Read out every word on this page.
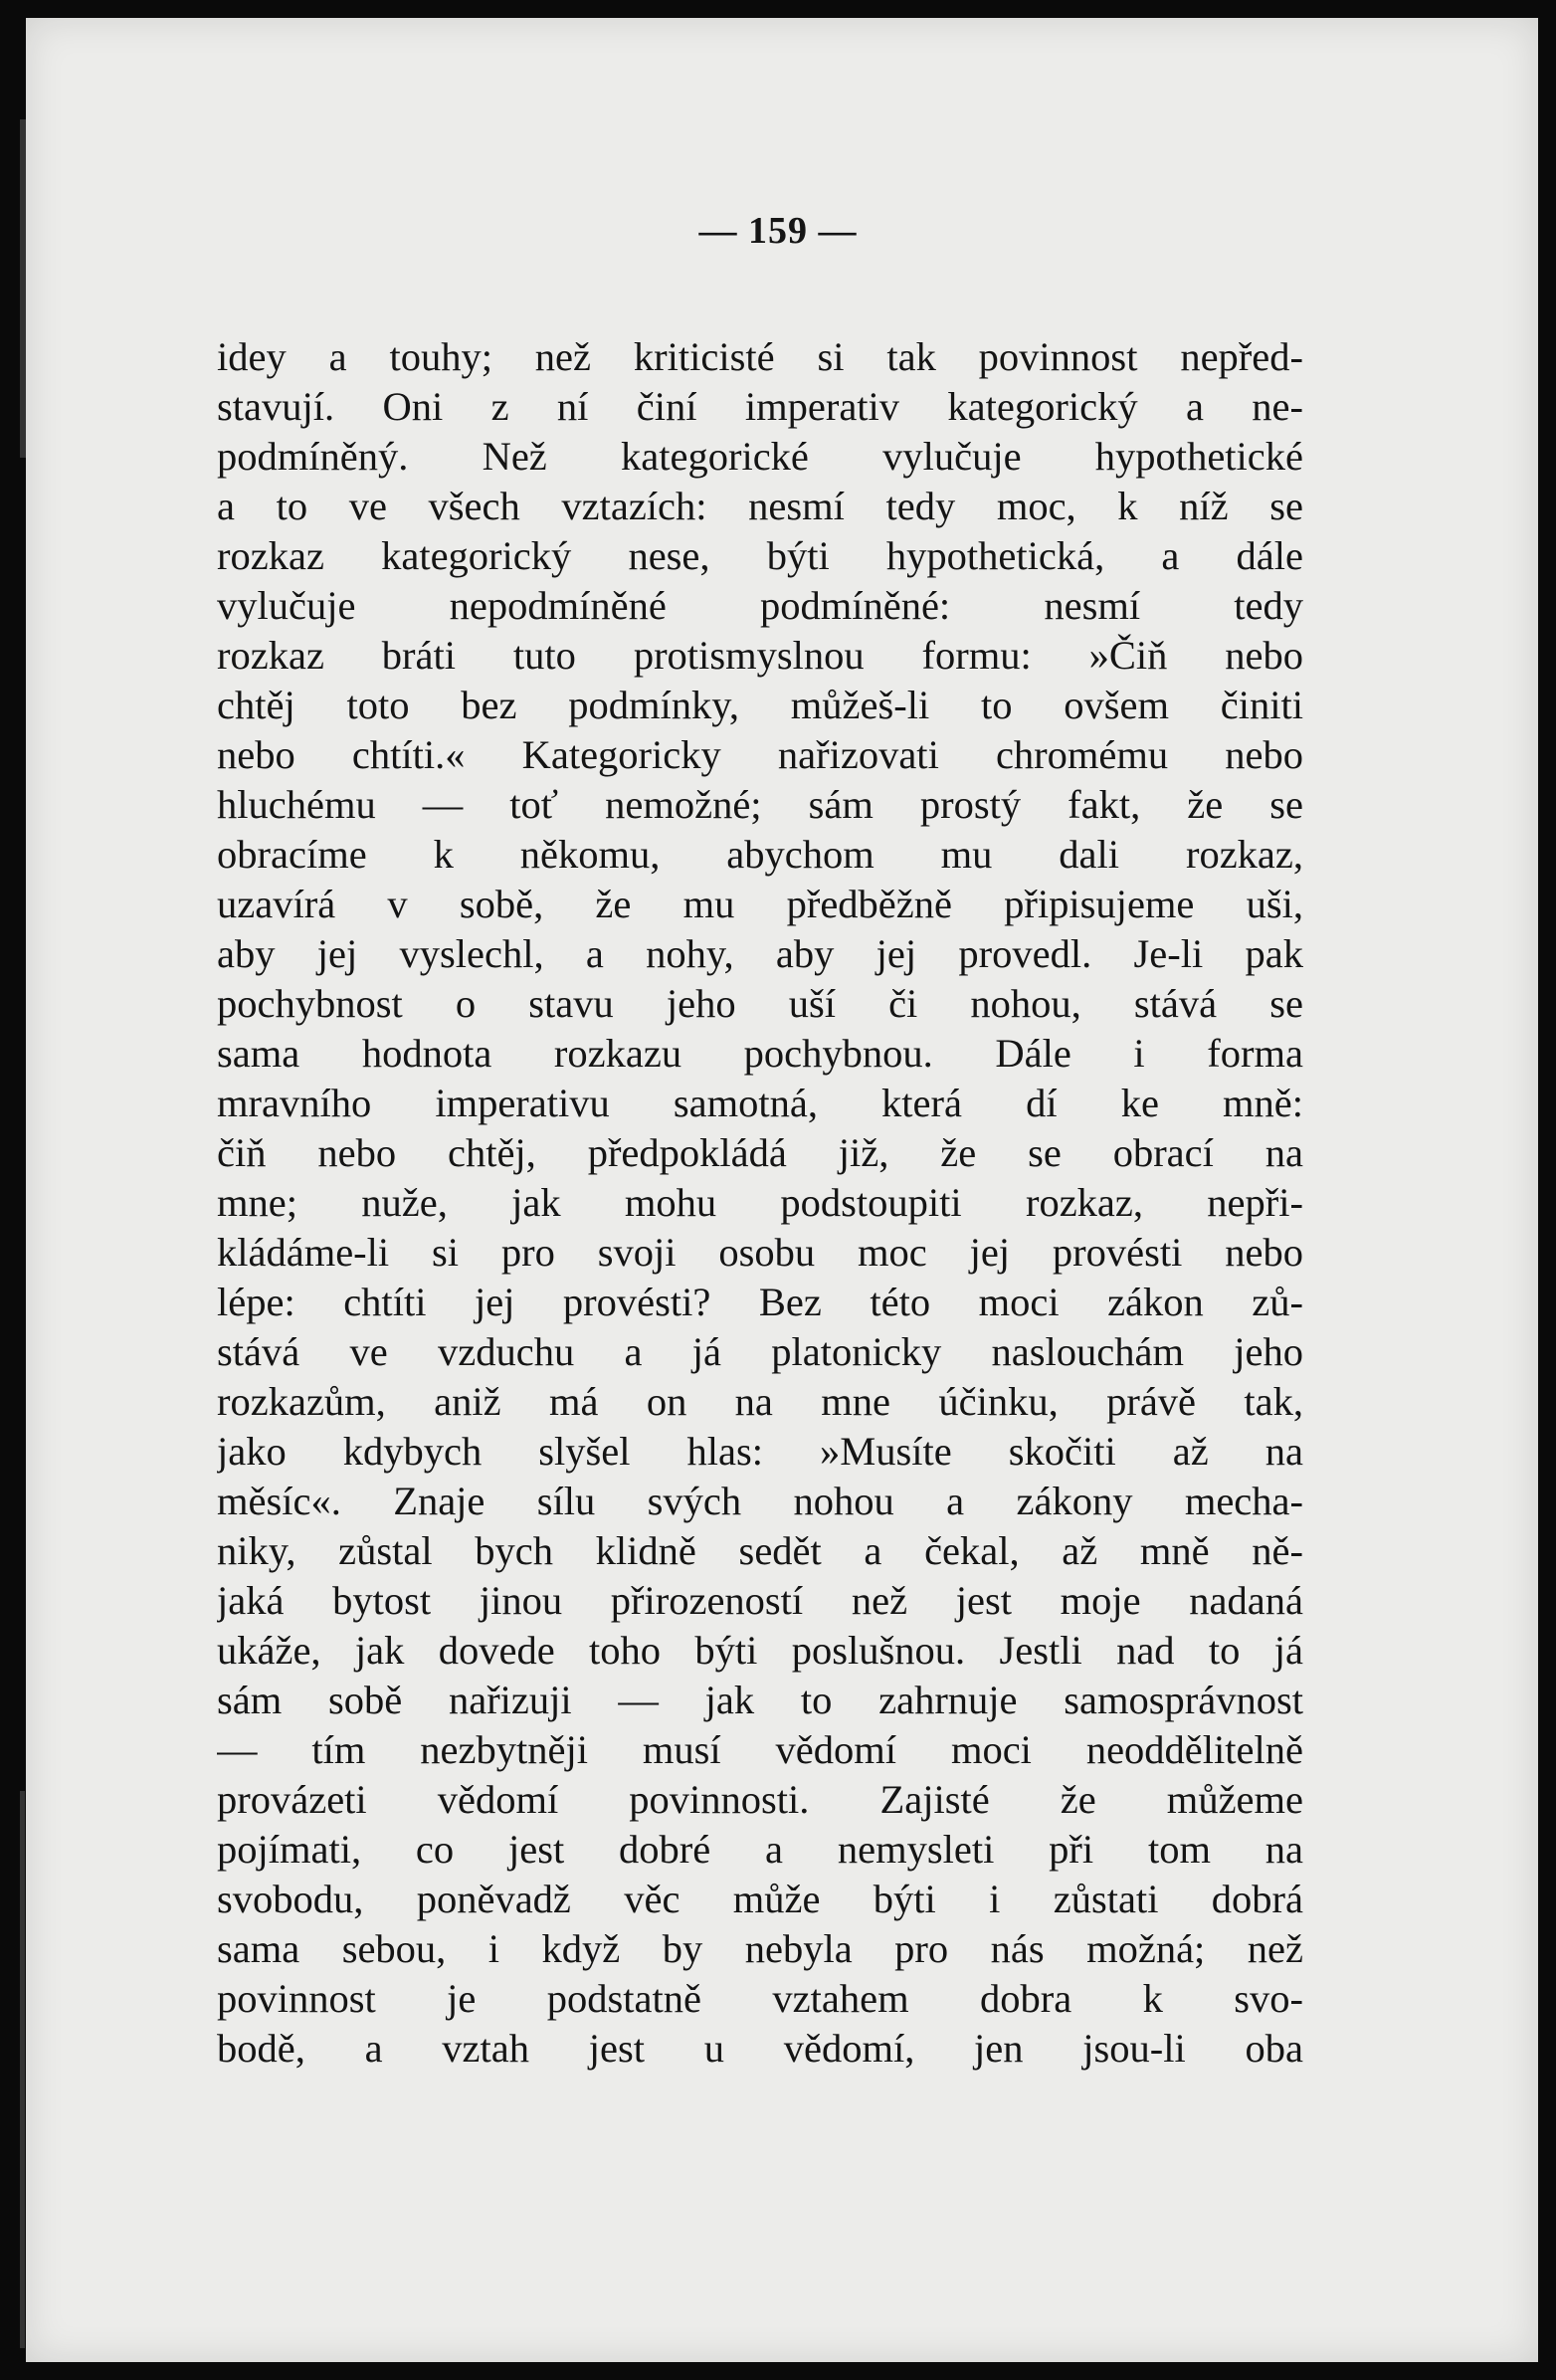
— 159 —
idey a touhy; než kriticisté si tak povinnost nepřed-
stavují. Oni z ní činí imperativ kategorický a ne-
podmíněný. Než kategorické vylučuje hypothetické
a to ve všech vztazích: nesmí tedy moc, k níž se
rozkaz kategorický nese, býti hypothetická, a dále
vylučuje nepodmíněné podmíněné: nesmí tedy
rozkaz bráti tuto protismyslnou formu: »Čiň nebo
chtěj toto bez podmínky, můžeš-li to ovšem činiti
nebo chtíti.« Kategoricky nařizovati chromému nebo
hluchému — toť nemožné; sám prostý fakt, že se
obracíme k někomu, abychom mu dali rozkaz,
uzavírá v sobě, že mu předběžně připisujeme uši,
aby jej vyslechl, a nohy, aby jej provedl. Je-li pak
pochybnost o stavu jeho uší či nohou, stává se
sama hodnota rozkazu pochybnou. Dále i forma
mravního imperativu samotná, která dí ke mně:
čiň nebo chtěj, předpokládá již, že se obrací na
mne; nuže, jak mohu podstoupiti rozkaz, nepři-
kládáme-li si pro svoji osobu moc jej provésti nebo
lépe: chtíti jej provésti? Bez této moci zákon zů-
stává ve vzduchu a já platonicky naslouchám jeho
rozkazům, aniž má on na mne účinku, právě tak,
jako kdybych slyšel hlas: »Musíte skočiti až na
měsíc«. Znaje sílu svých nohou a zákony mecha-
niky, zůstal bych klidně sedět a čekal, až mně ně-
jaká bytost jinou přirozeností než jest moje nadaná
ukáže, jak dovede toho býti poslušnou. Jestli nad to já
sám sobě nařizuji — jak to zahrnuje samosprávnost
— tím nezbytněji musí vědomí moci neoddělitelně
provázeti vědomí povinnosti. Zajisté že můžeme
pojímati, co jest dobré a nemysleti při tom na
svobodu, poněvadž věc může býti i zůstati dobrá
sama sebou, i když by nebyla pro nás možná; než
povinnost je podstatně vztahem dobra k svo-
bodě, a vztah jest u vědomí, jen jsou-li oba
